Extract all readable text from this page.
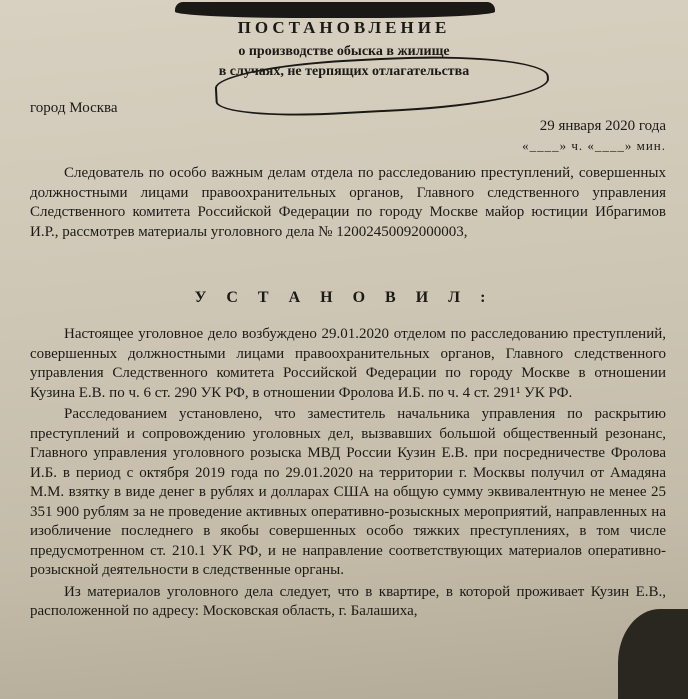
ПОСТАНОВЛЕНИЕ
о производстве обыска в жилище
в случаях, не терпящих отлагательства
город Москва
29 января 2020 года
«____» ч. «____» мин.

Следователь по особо важным делам отдела по расследованию преступлений, совершенных должностными лицами правоохранительных органов, Главного следственного управления Следственного комитета Российской Федерации по городу Москве майор юстиции Ибрагимов И.Р., рассмотрев материалы уголовного дела № 12002450092000003,

У С Т А Н О В И Л :

Настоящее уголовное дело возбуждено 29.01.2020 отделом по расследованию преступлений, совершенных должностными лицами правоохранительных органов, Главного следственного управления Следственного комитета Российской Федерации по городу Москве в отношении Кузина Е.В. по ч. 6 ст. 290 УК РФ, в отношении Фролова И.Б. по ч. 4 ст. 291¹ УК РФ.

Расследованием установлено, что заместитель начальника управления по раскрытию преступлений и сопровождению уголовных дел, вызвавших большой общественный резонанс, Главного управления уголовного розыска МВД России Кузин Е.В. при посредничестве Фролова И.Б. в период с октября 2019 года по 29.01.2020 на территории г. Москвы получил от Амадяна М.М. взятку в виде денег в рублях и долларах США на общую сумму эквивалентную не менее 25 351 900 рублям за не проведение активных оперативно-розыскных мероприятий, направленных на изобличение последнего в якобы совершенных особо тяжких преступлениях, в том числе предусмотренном ст. 210.1 УК РФ, и не направление соответствующих материалов оперативно-розыскной деятельности в следственные органы.

Из материалов уголовного дела следует, что в квартире, в которой проживает Кузин Е.В., расположенной по адресу: Московская область, г. Балашиха,
